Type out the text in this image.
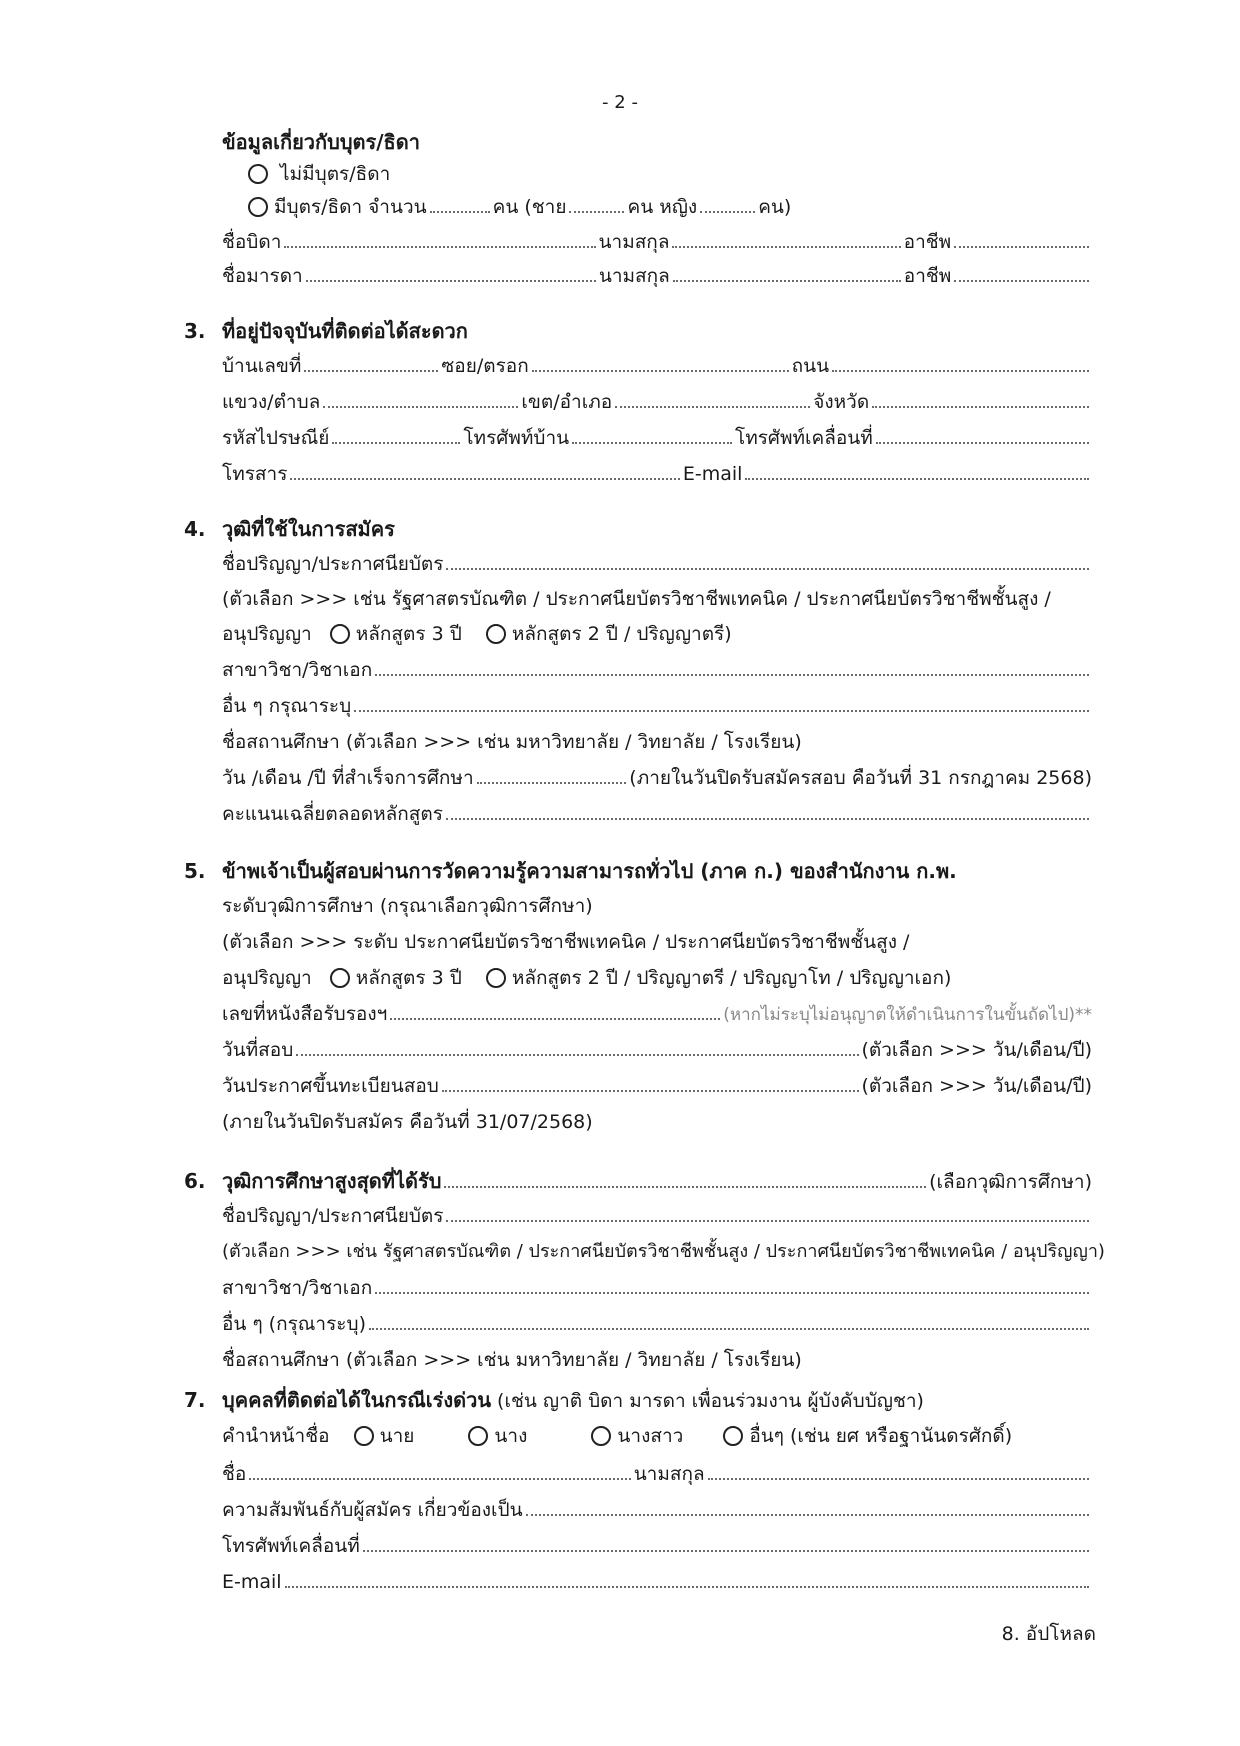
- 2 -
ข้อมูลเกี่ยวกับบุตร/ธิดา
ไม่มีบุตร/ธิดา
มีบุตร/ธิดา จำนวน	คน (ชาย	คน หญิง	คน)
ชื่อบิดา	นามสกุล	อาชีพ
ชื่อมารดา	นามสกุล	อาชีพ
3. ที่อยู่ปัจจุบันที่ติดต่อได้สะดวก
บ้านเลขที่	ซอย/ตรอก	ถนน
แขวง/ตำบล	เขต/อำเภอ	จังหวัด
รหัสไปรษณีย์	โทรศัพท์บ้าน	โทรศัพท์เคลื่อนที่
โทรสาร	E-mail
4. วุฒิที่ใช้ในการสมัคร
ชื่อปริญญา/ประกาศนียบัตร
(ตัวเลือก >>> เช่น รัฐศาสตรบัณฑิต / ประกาศนียบัตรวิชาชีพเทคนิค / ประกาศนียบัตรวิชาชีพชั้นสูง /
อนุปริญญา หลักสูตร 3 ปี	หลักสูตร 2 ปี / ปริญญาตรี)
สาขาวิชา/วิชาเอก
อื่น ๆ กรุณาระบุ
ชื่อสถานศึกษา (ตัวเลือก >>> เช่น มหาวิทยาลัย / วิทยาลัย / โรงเรียน)
วัน /เดือน /ปี ที่สำเร็จการศึกษา	(ภายในวันปิดรับสมัครสอบ คือวันที่ 31 กรกฎาคม 2568)
คะแนนเฉลี่ยตลอดหลักสูตร
5. ข้าพเจ้าเป็นผู้สอบผ่านการวัดความรู้ความสามารถทั่วไป (ภาค ก.) ของสำนักงาน ก.พ.
ระดับวุฒิการศึกษา (กรุณาเลือกวุฒิการศึกษา)
(ตัวเลือก >>> ระดับ ประกาศนียบัตรวิชาชีพเทคนิค / ประกาศนียบัตรวิชาชีพชั้นสูง /
อนุปริญญา หลักสูตร 3 ปี	หลักสูตร 2 ปี / ปริญญาตรี / ปริญญาโท / ปริญญาเอก)
เลขที่หนังสือรับรองฯ	(หากไม่ระบุไม่อนุญาตให้ดำเนินการในขั้นถัดไป)**
วันที่สอบ	(ตัวเลือก >>> วัน/เดือน/ปี)
วันประกาศขึ้นทะเบียนสอบ	(ตัวเลือก >>> วัน/เดือน/ปี)
(ภายในวันปิดรับสมัคร คือวันที่ 31/07/2568)
6. วุฒิการศึกษาสูงสุดที่ได้รับ	(เลือกวุฒิการศึกษา)
ชื่อปริญญา/ประกาศนียบัตร
(ตัวเลือก >>> เช่น รัฐศาสตรบัณฑิต / ประกาศนียบัตรวิชาชีพชั้นสูง / ประกาศนียบัตรวิชาชีพเทคนิค / อนุปริญญา)
สาขาวิชา/วิชาเอก
อื่น ๆ (กรุณาระบุ)
ชื่อสถานศึกษา (ตัวเลือก >>> เช่น มหาวิทยาลัย / วิทยาลัย / โรงเรียน)
7. บุคคลที่ติดต่อได้ในกรณีเร่งด่วน (เช่น ญาติ บิดา มารดา เพื่อนร่วมงาน ผู้บังคับบัญชา)
คำนำหน้าชื่อ	นาย	นาง	นางสาว	อื่นๆ (เช่น ยศ หรือฐานันดรศักดิ์)
ชื่อ	นามสกุล
ความสัมพันธ์กับผู้สมัคร เกี่ยวข้องเป็น
โทรศัพท์เคลื่อนที่
E-mail
8. อัปโหลด
